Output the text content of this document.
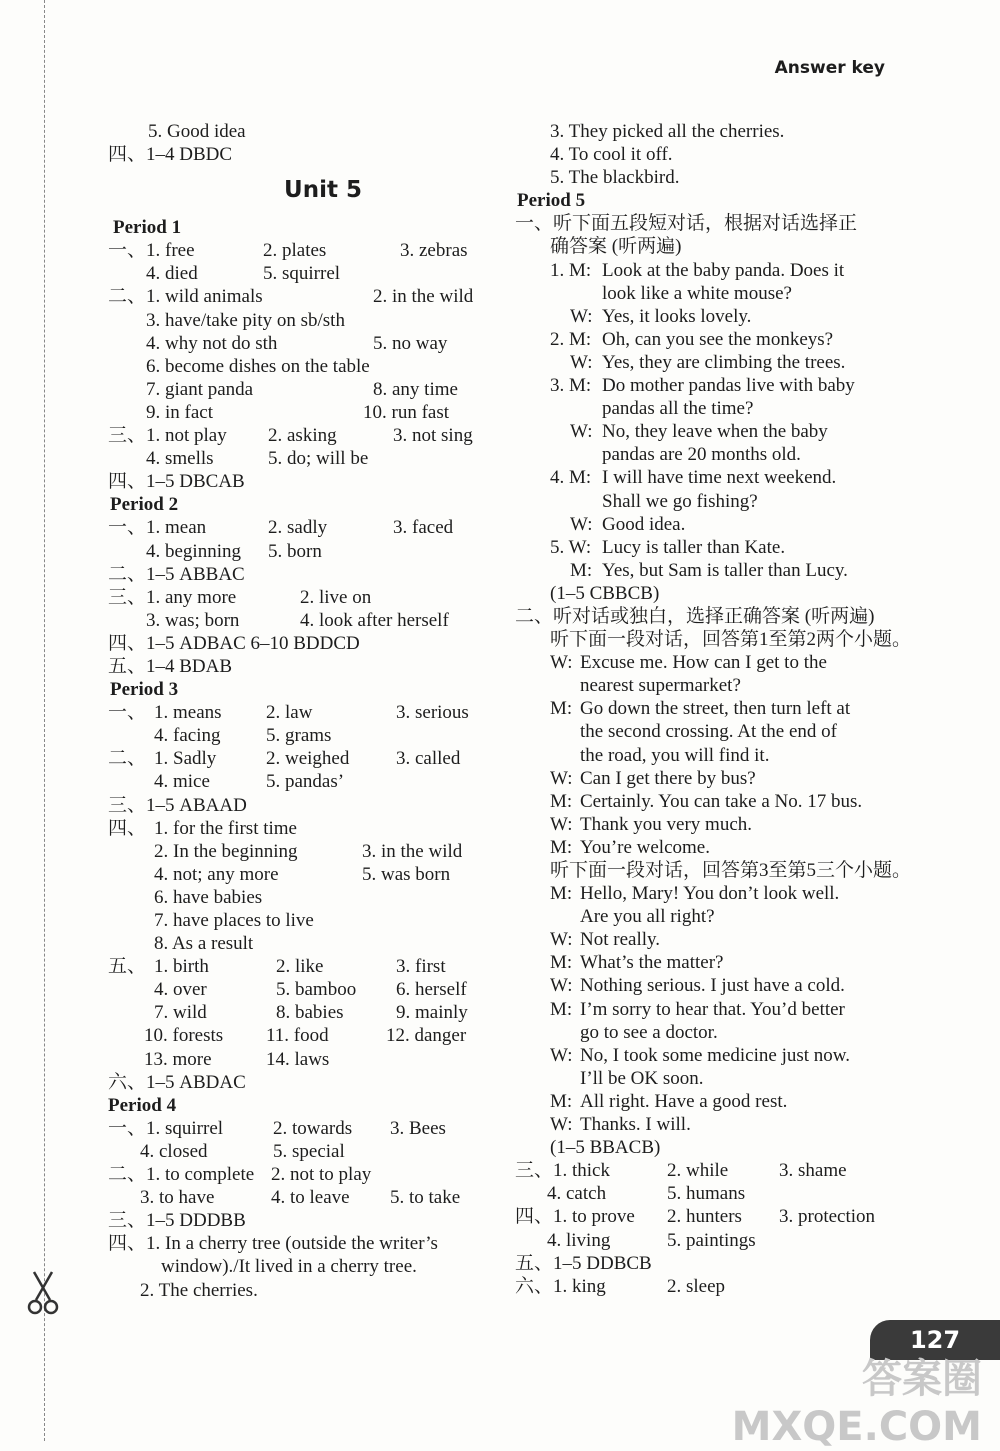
Answer key
5. Good idea
四、1–4 DBDC
Unit 5
Period 1
一、1. free	2. plates	3. zebras
4. died	5. squirrel
二、1. wild animals	2. in the wild
3. have/take pity on sb/sth
4. why not do sth	5. no way
6. become dishes on the table
7. giant panda	8. any time
9. in fact	10. run fast
三、1. not play 2. asking	3. not sing
4. smells	5. do; will be
四、1–5 DBCAB
Period 2
一、1. mean	2. sadly	3. faced
4. beginning 5. born
二、1–5 ABBAC
三、1. any more	2. live on
3. was; born	4. look after herself
四、1–5 ADBAC 6–10 BDDCD
五、1–4 BDAB
Period 3
一、 1. means 2. law	3. serious
4. facing 5. grams
二、 1. Sadly	2. weighed 3. called
4. mice	5. pandas’
三、1–5 ABAAD
四、 1. for the first time
2. In the beginning	3. in the wild
4. not; any more	5. was born
6. have babies
7. have places to live
8. As a result
五、 1. birth	2. like	3. first
4. over	5. bamboo 6. herself
7. wild	8. babies	9. mainly
10. forests 11. food	12. danger
13. more	14. laws
六、1–5 ABDAC
Period 4
一、1. squirrel	2. towards 3. Bees
4. closed	5. special
二、1. to complete 2. not to play
3. to have	4. to leave 5. to take
三、1–5 DDDBB
四、1. In a cherry tree (outside the writer’s
window)./It lived in a cherry tree.
2. The cherries.
3. They picked all the cherries.
4. To cool it off.
5. The blackbird.
Period 5
一、听下面五段短对话，根据对话选择正
确答案 (听两遍)
1. M: Look at the baby panda. Does it
look like a white mouse?
W: Yes, it looks lovely.
2. M: Oh, can you see the monkeys?
W: Yes, they are climbing the trees.
3. M: Do mother pandas live with baby
pandas all the time?
W: No, they leave when the baby
pandas are 20 months old.
4. M: I will have time next weekend.
Shall we go fishing?
W: Good idea.
5. W: Lucy is taller than Kate.
M: Yes, but Sam is taller than Lucy.
(1–5 CBBCB)
二、听对话或独白，选择正确答案 (听两遍)
听下面一段对话，回答第1至第2两个小题。
W: Excuse me. How can I get to the
nearest supermarket?
M: Go down the street, then turn left at
the second crossing. At the end of
the road, you will find it.
W: Can I get there by bus?
M: Certainly. You can take a No. 17 bus.
W: Thank you very much.
M: You’re welcome.
听下面一段对话，回答第3至第5三个小题。
M: Hello, Mary! You don’t look well.
Are you all right?
W: Not really.
M: What’s the matter?
W: Nothing serious. I just have a cold.
M: I’m sorry to hear that. You’d better
go to see a doctor.
W: No, I took some medicine just now.
I’ll be OK soon.
M: All right. Have a good rest.
W: Thanks. I will.
(1–5 BBACB)
三、1. thick	2. while	3. shame
4. catch	5. humans
四、1. to prove 2. hunters 3. protection
4. living	5. paintings
五、1–5 DDBCB
六、1. king	2. sleep
127
答案圈
MXQE.COM
